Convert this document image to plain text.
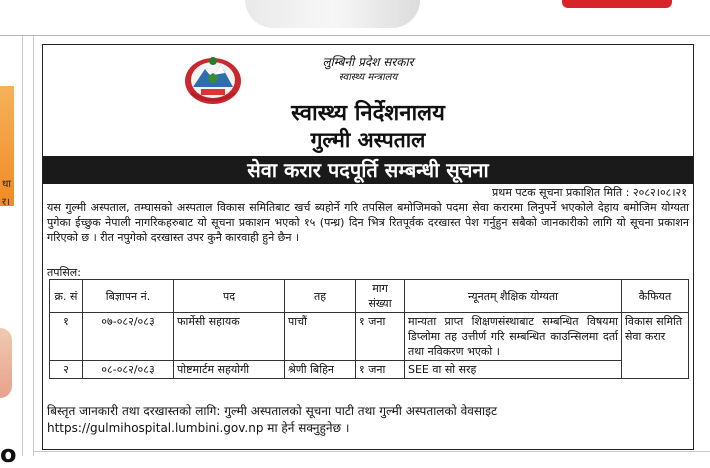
था
र।
o
लुम्बिनी प्रदेश सरकार
स्वास्थ्य मन्त्रालय
स्वास्थ्य निर्देशनालय
गुल्मी अस्पताल
सेवा करार पदपूर्ति सम्बन्धी सूचना
प्रथम पटक सूचना प्रकाशित मिति : २०८२।०८।२१
यस गुल्मी अस्पताल, तम्घासको अस्पताल विकास समितिबाट खर्च ब्यहोर्ने गरि तपसिल बमोजिमको पदमा सेवा करारमा लिनुपर्ने भएकोले देहाय बमोजिम योग्यता पुगेका ईच्छुक नेपाली नागरिकहरुबाट यो सूचना प्रकाशन भएको १५ (पन्ध्र) दिन भित्र रितपूर्वक दरखास्त पेश गर्नुहुन सबैको जानकारीको लागि यो सूचना प्रकाशन गरिएको छ । रीत नपुगेको दरखास्त उपर कुनै कारवाही हुने छैन ।
तपसिल:
क्र. सं	बिज्ञापन नं.	पद	तह	माग संख्या	न्यूनतम् शैक्षिक योग्यता	कैफियत
१	०७-०८२/०८३	फार्मेसी सहायक	पाचौं	१ जना	मान्यता प्राप्त शिक्षणसंस्थाबाट सम्बन्धित विषयमा डिप्लोमा तह उत्तीर्ण गरि सम्बन्धित काउन्सिलमा दर्ता तथा नविकरण भएको ।	विकास समिति सेवा करार
२	०८-०८२/०८३	पोष्टमार्टम सहयोगी	श्रेणी बिहिन	१ जना	SEE वा सो सरह	
बिस्तृत जानकारी तथा दरखास्तको लागि: गुल्मी अस्पतालको सूचना पाटी तथा गुल्मी अस्पतालको वेवसाइट https://gulmihospital.lumbini.gov.np मा हेर्न सक्नुहुनेछ ।
